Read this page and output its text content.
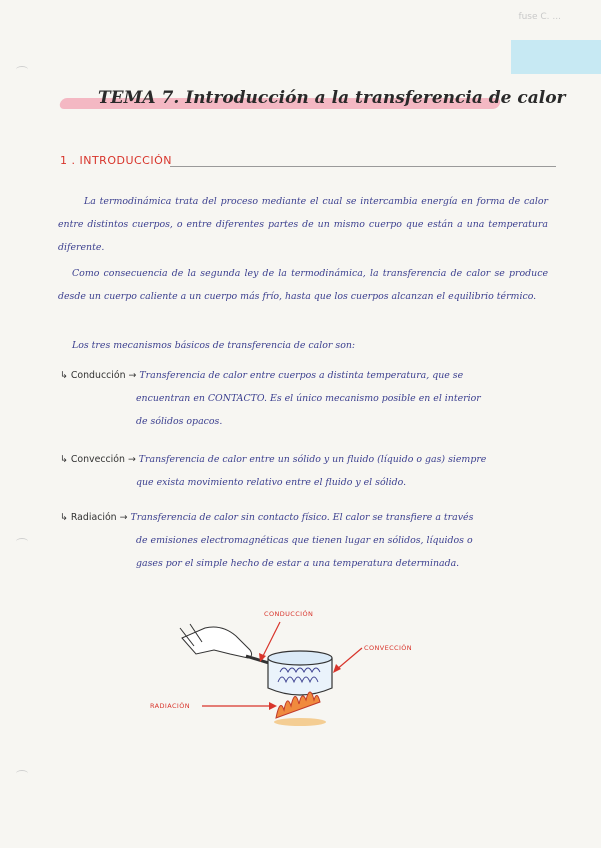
fuse C. ...
TEMA 7. Introducción a la transferencia de calor
1 . INTRODUCCIÓN
La termodinámica trata del proceso mediante el cual se intercambia energía en forma de calor entre distintos cuerpos, o entre diferentes partes de un mismo cuerpo que están a una temperatura diferente.
Como consecuencia de la segunda ley de la termodinámica, la transferencia de calor se produce desde un cuerpo caliente a un cuerpo más frío, hasta que los cuerpos alcanzan el equilibrio térmico.
Los tres mecanismos básicos de transferencia de calor son:
↳ Conducción → Transferencia de calor entre cuerpos a distinta temperatura, que se
encuentran en CONTACTO. Es el único mecanismo posible en el interior
de sólidos opacos.
↳ Convección → Transferencia de calor entre un sólido y un fluido (líquido o gas) siempre
que exista movimiento relativo entre el fluido y el sólido.
↳ Radiación → Transferencia de calor sin contacto físico. El calor se transfiere a través
de emisiones electromagnéticas que tienen lugar en sólidos, líquidos o
gases por el simple hecho de estar a una temperatura determinada.
CONDUCCIÓN
CONVECCIÓN
RADIACIÓN
